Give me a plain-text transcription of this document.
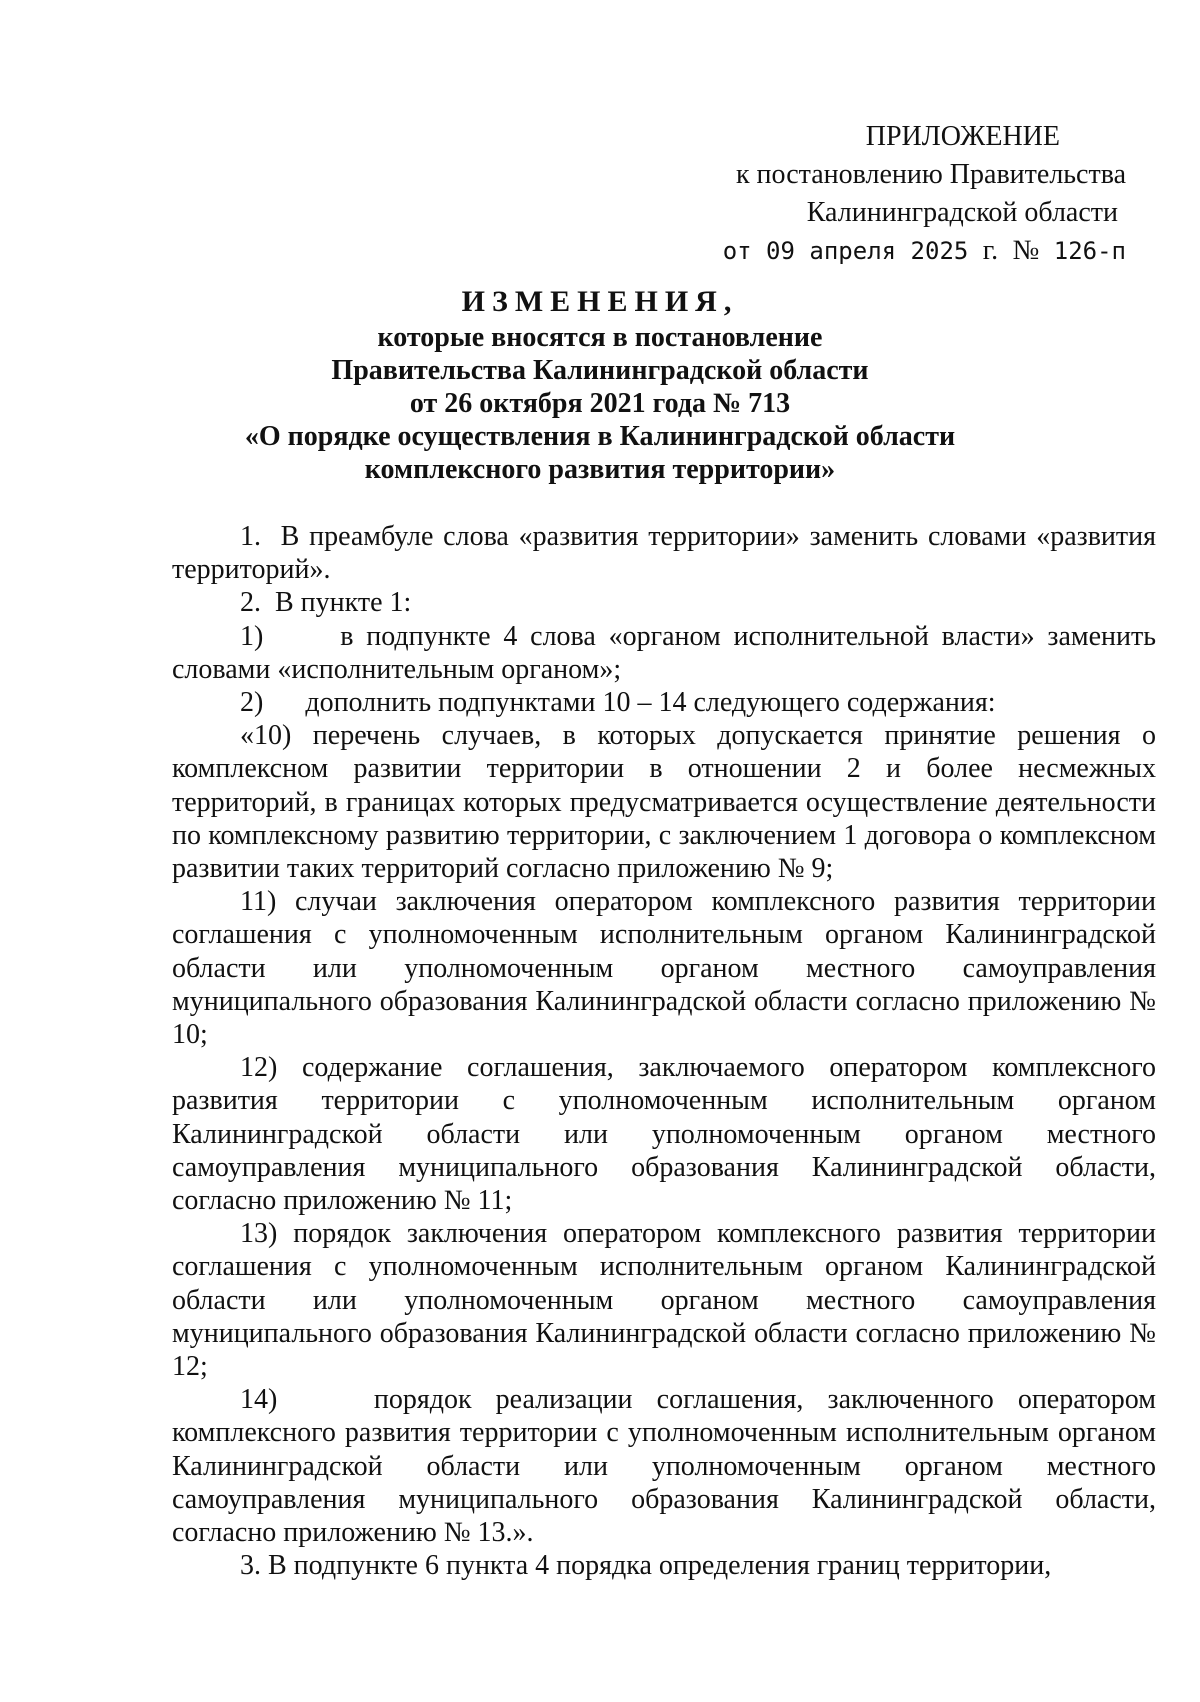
ПРИЛОЖЕНИЕ
к постановлению Правительства
Калининградской области
от 09 апреля 2025 г. № 126-п
ИЗМЕНЕНИЯ,
которые вносятся в постановление
Правительства Калининградской области
от 26 октября 2021 года № 713
«О порядке осуществления в Калининградской области
комплексного развития территории»

1.  В преамбуле слова «развития территории» заменить словами «развития территорий».

2.  В пункте 1:

1)      в подпункте 4 слова «органом исполнительной власти» заменить словами «исполнительным органом»;

2)      дополнить подпунктами 10 – 14 следующего содержания:

«10) перечень случаев, в которых допускается принятие решения о комплексном развитии территории в отношении 2 и более несмежных территорий, в границах которых предусматривается осуществление деятельности по комплексному развитию территории, с заключением 1 договора о комплексном развитии таких территорий согласно приложению № 9;

11) случаи заключения оператором комплексного развития территории соглашения с уполномоченным исполнительным органом Калининградской области или уполномоченным органом местного самоуправления муниципального образования Калининградской области согласно приложению № 10;

12) содержание соглашения, заключаемого оператором комплексного развития территории с уполномоченным исполнительным органом Калининградской области или уполномоченным органом местного самоуправления муниципального образования Калининградской области, согласно приложению № 11;

13) порядок заключения оператором комплексного развития территории соглашения с уполномоченным исполнительным органом Калининградской области или уполномоченным органом местного самоуправления муниципального образования Калининградской области согласно приложению № 12;

14)    порядок реализации соглашения, заключенного оператором комплексного развития территории с уполномоченным исполнительным органом Калининградской области или уполномоченным органом местного самоуправления муниципального образования Калининградской области, согласно приложению № 13.».

3. В подпункте 6 пункта 4 порядка определения границ территории,
